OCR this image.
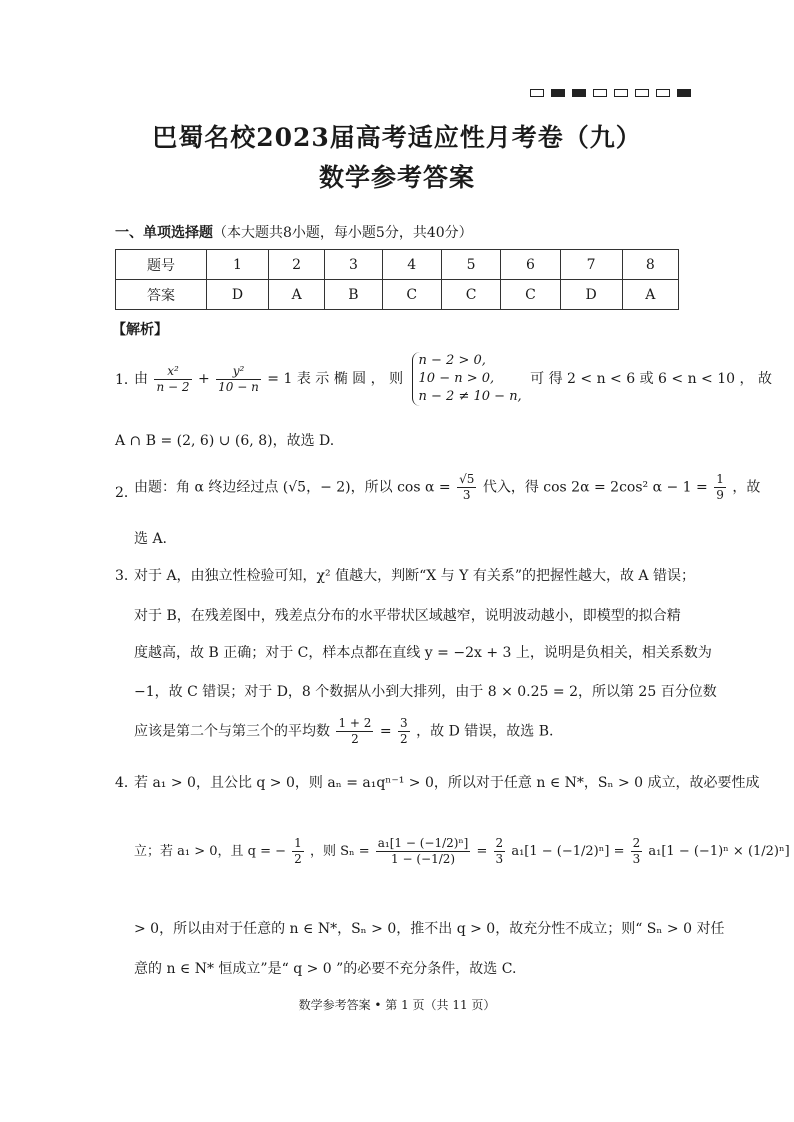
巴蜀名校2023届高考适应性月考卷（九）
数学参考答案
一、单项选择题（本大题共8小题，每小题5分，共40分）
题号	1	2	3	4	5	6	7	8
答案	D	A	B	C	C	C	D	A
【解析】
1．
由 $\frac{\text{x²}}{n - 2} + \frac{\text{y²}}{10 - n} = 1$ 表 示 椭 圆 ， 则
n − 2 > 0,
10 − n > 0,
n − 2 ≠ 10 − n,
可 得 2 < n < 6 或 6 < n < 10 ， 故
A ∩ B = (2, 6) ∪ (6, 8)，故选 D.
2．
由题：角 α 终边经过点 (√5，− 2)，所以 $\cos \alpha = \frac{√5}{3}$ 代入，得 cos 2α = 2cos² $\alpha - 1 = \frac{1}{9}$ ，故
选 A.
3．
对于 A，由独立性检验可知，χ² 值越大，判断“X 与 Y 有关系”的把握性越大，故 A 错误；
对于 B，在残差图中，残差点分布的水平带状区域越窄，说明波动越小，即模型的拟合精
度越高，故 B 正确；对于 C，样本点都在直线 y = −2x + 3 上，说明是负相关，相关系数为
−1，故 C 错误；对于 D，8 个数据从小到大排列，由于 8 × 0.25 = 2，所以第 25 百分位数
应该是第二个与第三个的平均数 $\frac{1 + 2}{2} = \frac{3}{2}$ ，故 D 错误，故选 B.
4．
若 a₁ > 0，且公比 q > 0，则 aₙ = a₁qⁿ⁻¹ > 0，所以对于任意 n ∈ N*，Sₙ > 0 成立，故必要性成
立；若 a₁ > 0，且 q = − $\frac{1}{2}$ ，则 $S_n = \frac{\text{a₁[1 − (−1/2)ⁿ]}}{1 - (-1/2)} = \frac{2}{3} a_1[1 - (-1/2)^n] = \frac{2}{3} a_1[1 - (-1)^n \times (1/2)^n]$
> 0，所以由对于任意的 n ∈ N*，Sₙ > 0，推不出 q > 0，故充分性不成立；则“ Sₙ > 0 对任
意的 n ∈ N* 恒成立”是“ q > 0 ”的必要不充分条件，故选 C.
数学参考答案 • 第 1 页（共 11 页）
